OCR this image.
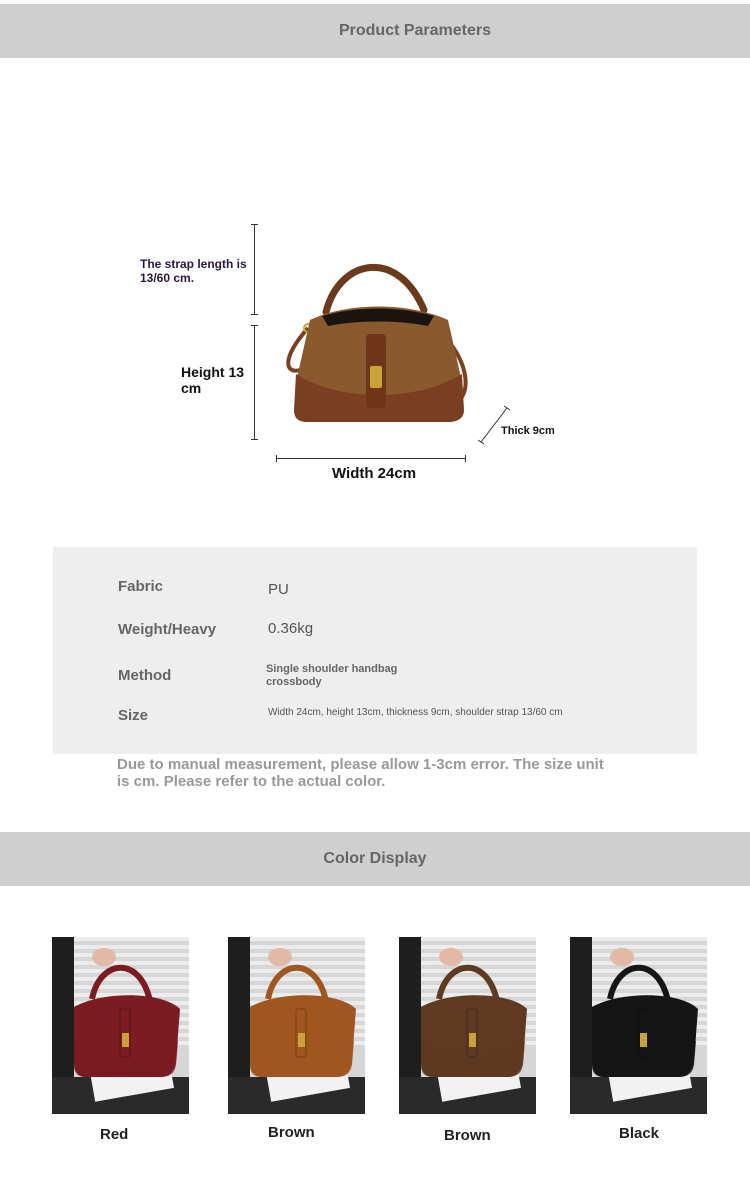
Product Parameters
The strap length is 13/60 cm.
Height 13 cm
Thick 9cm
Width 24cm
Fabric	PU
Weight/Heavy	0.36kg
Method	Single shoulder handbag crossbody
Size	Width 24cm, height 13cm, thickness 9cm, shoulder strap 13/60 cm
Due to manual measurement, please allow 1-3cm error. The size unit is cm. Please refer to the actual color.
Color Display
Red	Brown	Brown	Black
